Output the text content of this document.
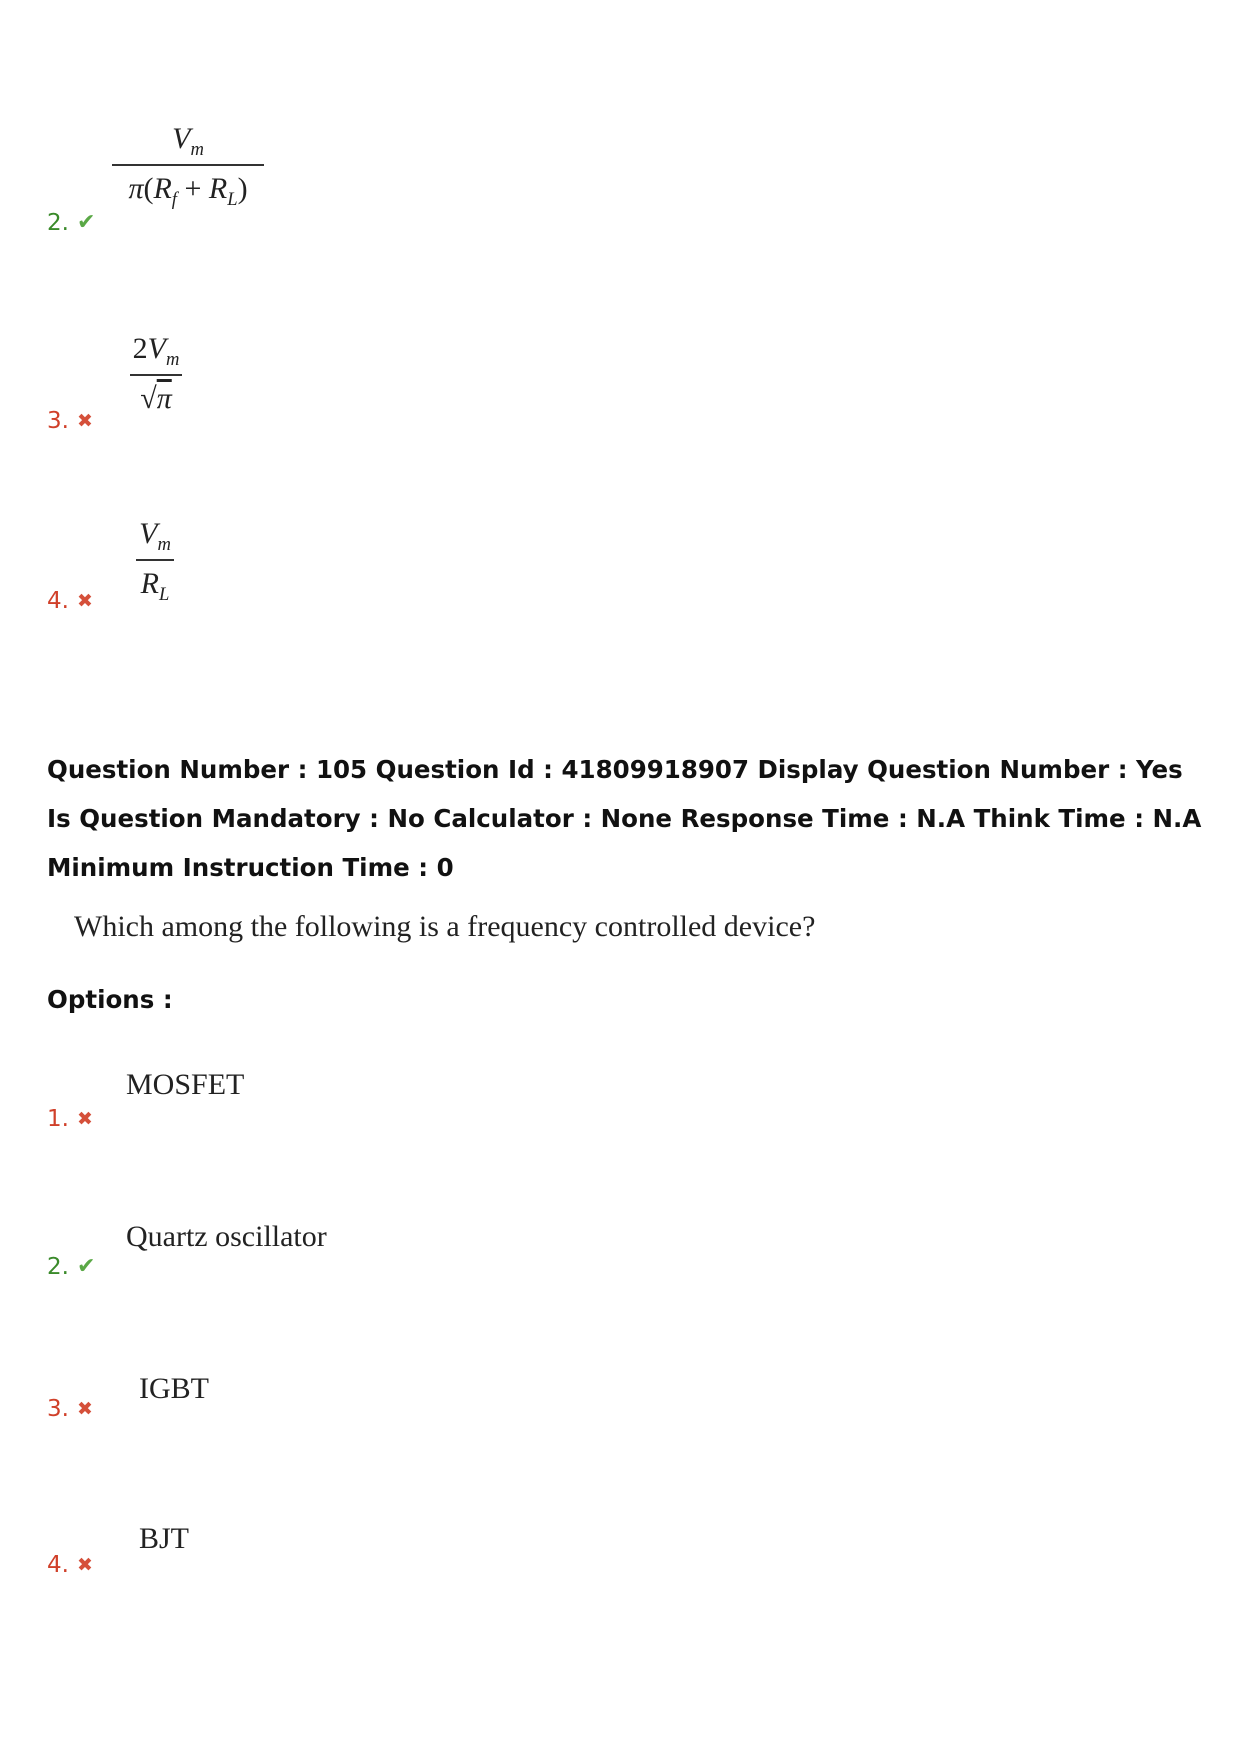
$V_m$
$\pi(R_f + R_L)$
2. ✔
$2V_m$
√π
3. ✖
$V_m$
$R_L$
4. ✖
Question Number : 105 Question Id : 41809918907 Display Question Number : Yes Is Question Mandatory : No Calculator : None Response Time : N.A Think Time : N.A Minimum Instruction Time : 0
Which among the following is a frequency controlled device?
Options :
MOSFET
1. ✖
Quartz oscillator
2. ✔
IGBT
3. ✖
BJT
4. ✖
